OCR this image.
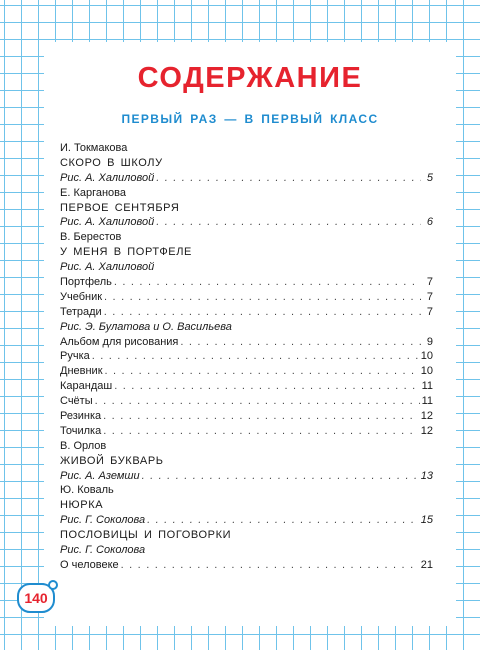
СОДЕРЖАНИЕ
ПЕРВЫЙ РАЗ — В ПЕРВЫЙ КЛАСС
И. Токмакова
СКОРО В ШКОЛУ
Рис. А. Халиловой . . .	5
Е. Карганова
ПЕРВОЕ СЕНТЯБРЯ
Рис. А. Халиловой . . .	6
В. Берестов
У МЕНЯ В ПОРТФЕЛЕ
Рис. А. Халиловой
Портфель . . .	7
Учебник . . .	7
Тетради . . .	7
Рис. Э. Булатова и О. Васильева
Альбом для рисования . . .	9
Ручка . . .	10
Дневник . . .	10
Карандаш . . .	11
Счёты . . .	11
Резинка . . .	12
Точилка . . .	12
В. Орлов
ЖИВОЙ БУКВАРЬ
Рис. А. Аземши . . .	13
Ю. Коваль
НЮРКА
Рис. Г. Соколова . . .	15
ПОСЛОВИЦЫ И ПОГОВОРКИ
Рис. Г. Соколова
О человеке . . .	21
140
